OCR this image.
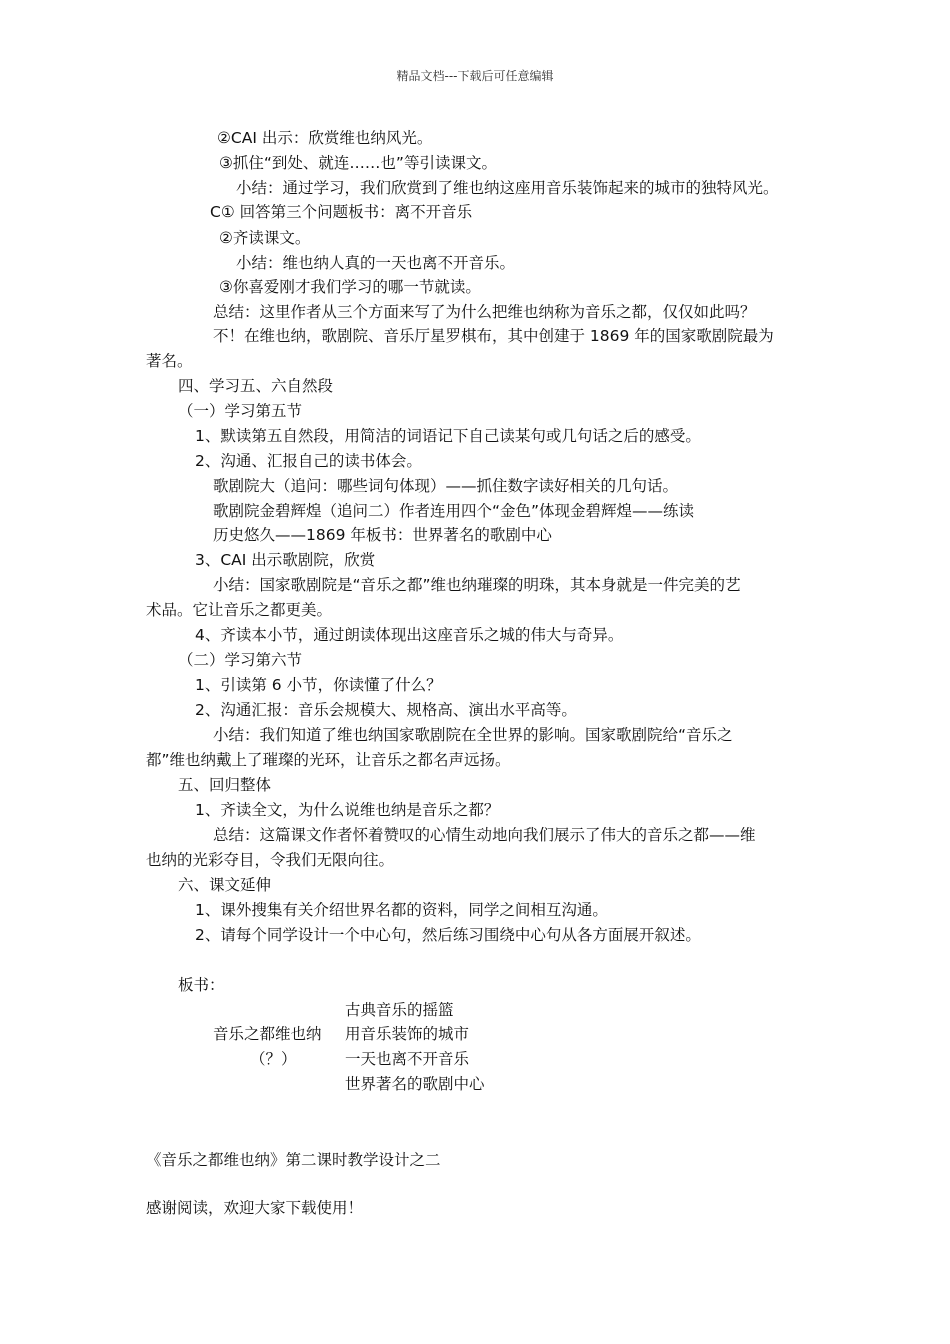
精品文档---下载后可任意编辑
②CAI 出示：欣赏维也纳风光。
③抓住“到处、就连……也”等引读课文。
小结：通过学习，我们欣赏到了维也纳这座用音乐装饰起来的城市的独特风光。
C① 回答第三个问题板书：离不开音乐
②齐读课文。
小结：维也纳人真的一天也离不开音乐。
③你喜爱刚才我们学习的哪一节就读。
总结：这里作者从三个方面来写了为什么把维也纳称为音乐之都，仅仅如此吗？
不！在维也纳，歌剧院、音乐厅星罗棋布，其中创建于 1869 年的国家歌剧院最为
著名。
四、学习五、六自然段
（一）学习第五节
1、默读第五自然段，用简洁的词语记下自己读某句或几句话之后的感受。
2、沟通、汇报自己的读书体会。
歌剧院大（追问：哪些词句体现）——抓住数字读好相关的几句话。
歌剧院金碧辉煌（追问二）作者连用四个“金色”体现金碧辉煌——练读
历史悠久——1869 年板书：世界著名的歌剧中心
3、CAI 出示歌剧院，欣赏
小结：国家歌剧院是“音乐之都”维也纳璀璨的明珠，其本身就是一件完美的艺
术品。它让音乐之都更美。
4、齐读本小节，通过朗读体现出这座音乐之城的伟大与奇异。
（二）学习第六节
1、引读第 6 小节，你读懂了什么？
2、沟通汇报：音乐会规模大、规格高、演出水平高等。
小结：我们知道了维也纳国家歌剧院在全世界的影响。国家歌剧院给“音乐之
都”维也纳戴上了璀璨的光环，让音乐之都名声远扬。
五、回归整体
1、齐读全文，为什么说维也纳是音乐之都？
总结：这篇课文作者怀着赞叹的心情生动地向我们展示了伟大的音乐之都——维
也纳的光彩夺目，令我们无限向往。
六、课文延伸
1、课外搜集有关介绍世界名都的资料，同学之间相互沟通。
2、请每个同学设计一个中心句，然后练习围绕中心句从各方面展开叙述。
板书：
古典音乐的摇篮
音乐之都维也纳 用音乐装饰的城市
（？）	一天也离不开音乐
世界著名的歌剧中心
《音乐之都维也纳》第二课时教学设计之二
感谢阅读，欢迎大家下载使用！
